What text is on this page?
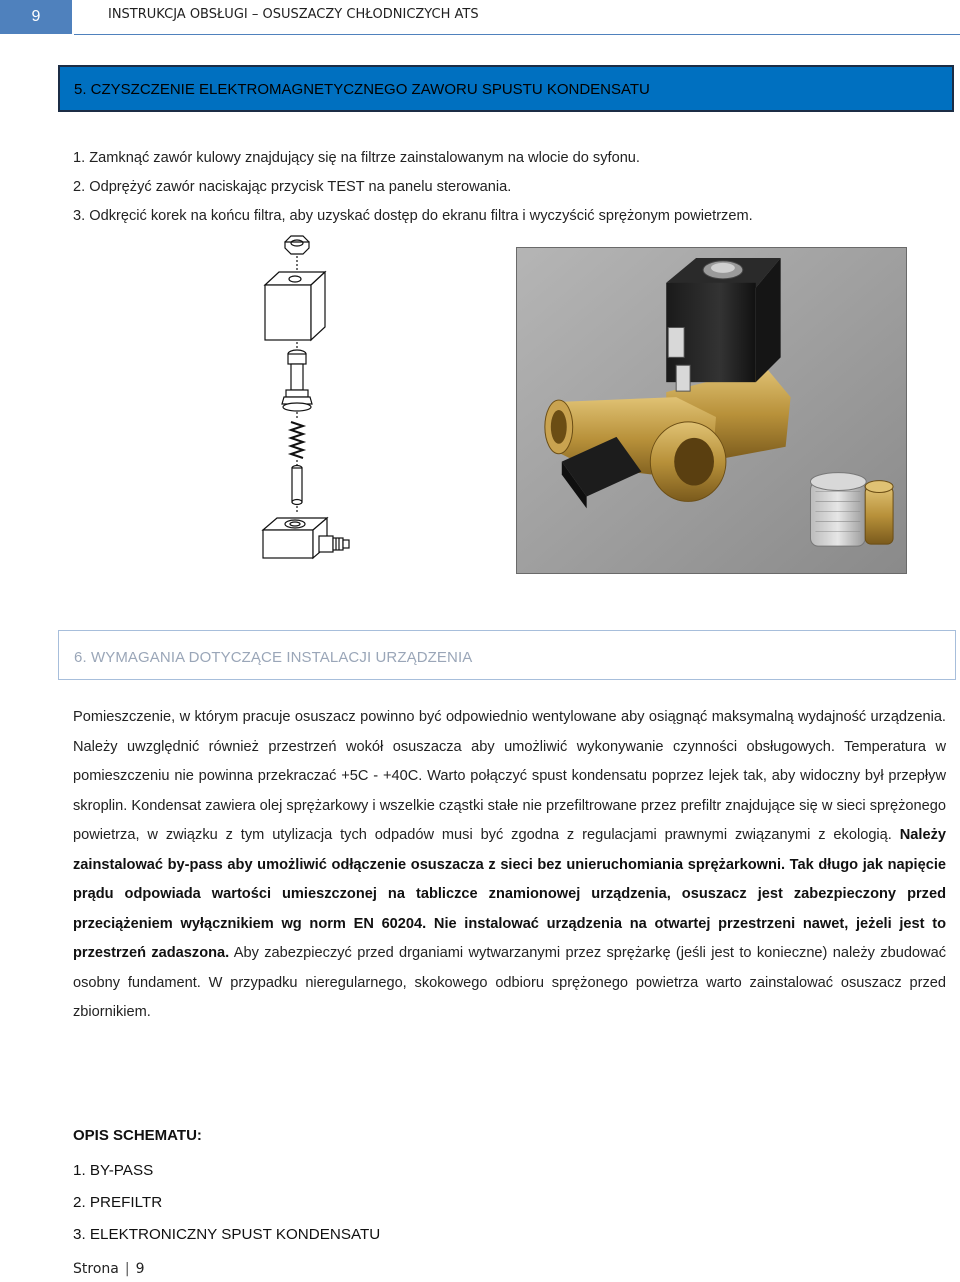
9	INSTRUKCJA OBSŁUGI – OSUSZACZY CHŁODNICZYCH ATS
5. CZYSZCZENIE ELEKTROMAGNETYCZNEGO ZAWORU SPUSTU KONDENSATU
1. Zamknąć zawór kulowy znajdujący się na filtrze zainstalowanym na wlocie do syfonu.
2. Odprężyć zawór naciskając przycisk TEST na panelu sterowania.
3. Odkręcić korek na końcu filtra, aby uzyskać dostęp do ekranu filtra i wyczyścić sprężonym powietrzem.
6. WYMAGANIA DOTYCZĄCE INSTALACJI URZĄDZENIA

Pomieszczenie, w którym pracuje osuszacz powinno być odpowiednio wentylowane aby osiągnąć maksymalną wydajność urządzenia. Należy uwzględnić również przestrzeń wokół osuszacza aby umożliwić wykonywanie czynności obsługowych. Temperatura w pomieszczeniu nie powinna przekraczać +5C - +40C. Warto połączyć spust kondensatu poprzez lejek tak, aby widoczny był przepływ skroplin. Kondensat zawiera olej sprężarkowy i wszelkie cząstki stałe nie przefiltrowane przez prefiltr znajdujące się w sieci sprężonego powietrza, w związku z tym utylizacja tych odpadów musi być zgodna z regulacjami prawnymi związanymi z ekologią. Należy zainstalować by-pass aby umożliwić odłączenie osuszacza z sieci bez unieruchomiania sprężarkowni. Tak długo jak napięcie prądu odpowiada wartości umieszczonej na tabliczce znamionowej urządzenia, osuszacz jest zabezpieczony przed przeciążeniem wyłącznikiem wg norm EN 60204. Nie instalować urządzenia na otwartej przestrzeni nawet, jeżeli jest to przestrzeń zadaszona. Aby zabezpieczyć przed drganiami wytwarzanymi przez sprężarkę (jeśli jest to konieczne) należy zbudować osobny fundament. W przypadku nieregularnego, skokowego odbioru sprężonego powietrza warto zainstalować osuszacz przed zbiornikiem.

OPIS SCHEMATU:
1. BY-PASS
2. PREFILTR
3. ELEKTRONICZNY SPUST KONDENSATU
Strona | 9
